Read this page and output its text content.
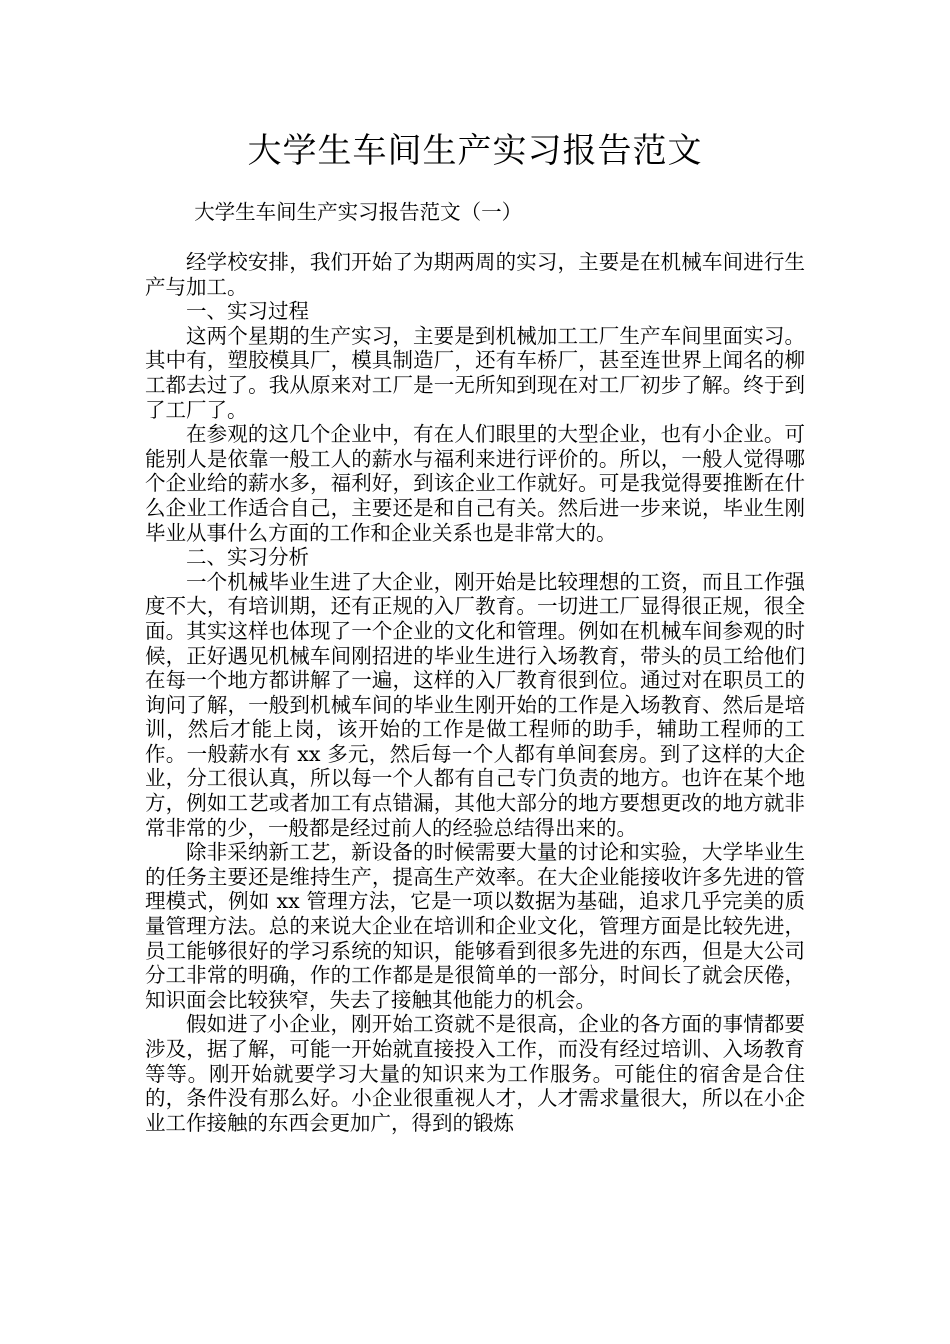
大学生车间生产实习报告范文

大学生车间生产实习报告范文（一）

经学校安排，我们开始了为期两周的实习，主要是在机械车间进行生产与加工。

一、实习过程

这两个星期的生产实习，主要是到机械加工工厂生产车间里面实习。其中有，塑胶模具厂，模具制造厂，还有车桥厂，甚至连世界上闻名的柳工都去过了。我从原来对工厂是一无所知到现在对工厂初步了解。终于到了工厂了。

在参观的这几个企业中，有在人们眼里的大型企业，也有小企业。可能别人是依靠一般工人的薪水与福利来进行评价的。所以，一般人觉得哪个企业给的薪水多，福利好，到该企业工作就好。可是我觉得要推断在什么企业工作适合自己，主要还是和自己有关。然后进一步来说，毕业生刚毕业从事什么方面的工作和企业关系也是非常大的。

二、实习分析

一个机械毕业生进了大企业，刚开始是比较理想的工资，而且工作强度不大，有培训期，还有正规的入厂教育。一切进工厂显得很正规，很全面。其实这样也体现了一个企业的文化和管理。例如在机械车间参观的时候，正好遇见机械车间刚招进的毕业生进行入场教育，带头的员工给他们在每一个地方都讲解了一遍，这样的入厂教育很到位。通过对在职员工的询问了解，一般到机械车间的毕业生刚开始的工作是入场教育、然后是培训，然后才能上岗，该开始的工作是做工程师的助手，辅助工程师的工作。一般薪水有 xx 多元，然后每一个人都有单间套房。到了这样的大企业，分工很认真，所以每一个人都有自己专门负责的地方。也许在某个地方，例如工艺或者加工有点错漏，其他大部分的地方要想更改的地方就非常非常的少，一般都是经过前人的经验总结得出来的。

除非采纳新工艺，新设备的时候需要大量的讨论和实验，大学毕业生的任务主要还是维持生产，提高生产效率。在大企业能接收许多先进的管理模式，例如 xx 管理方法，它是一项以数据为基础，追求几乎完美的质量管理方法。总的来说大企业在培训和企业文化，管理方面是比较先进，员工能够很好的学习系统的知识，能够看到很多先进的东西，但是大公司分工非常的明确，作的工作都是是很简单的一部分，时间长了就会厌倦，知识面会比较狭窄，失去了接触其他能力的机会。

假如进了小企业，刚开始工资就不是很高，企业的各方面的事情都要涉及，据了解，可能一开始就直接投入工作，而没有经过培训、入场教育等等。刚开始就要学习大量的知识来为工作服务。可能住的宿舍是合住的，条件没有那么好。小企业很重视人才，人才需求量很大，所以在小企业工作接触的东西会更加广，得到的锻炼
